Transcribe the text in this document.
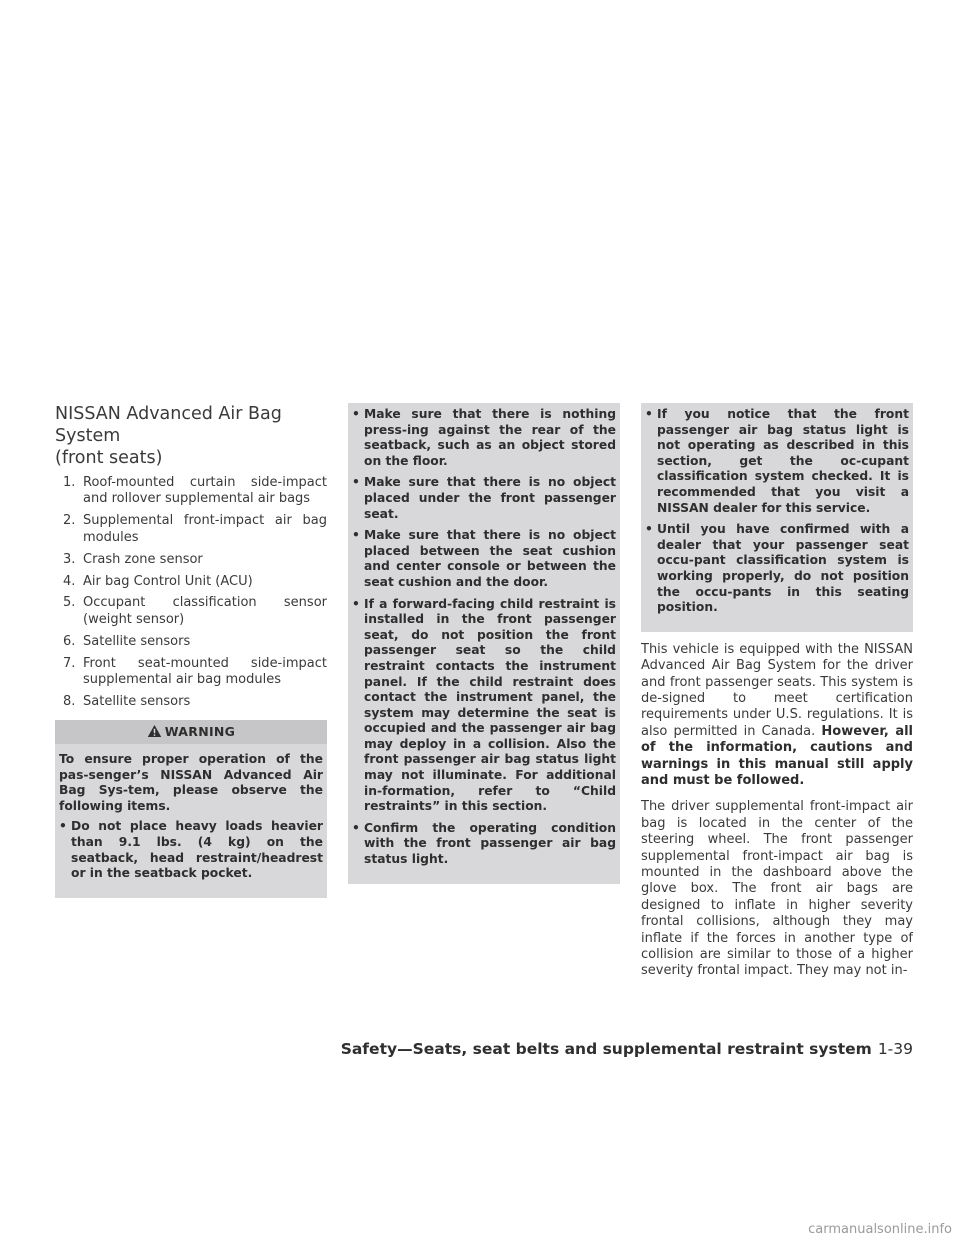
NISSAN Advanced Air Bag System
(front seats)
1. Roof-mounted curtain side-impact and rollover supplemental air bags
2. Supplemental front-impact air bag modules
3. Crash zone sensor
4. Air bag Control Unit (ACU)
5. Occupant classification sensor (weight sensor)
6. Satellite sensors
7. Front seat-mounted side-impact supplemental air bag modules
8. Satellite sensors
WARNING

To ensure proper operation of the pas-senger’s NISSAN Advanced Air Bag Sys-tem, please observe the following items.

• Do not place heavy loads heavier than 9.1 lbs. (4 kg) on the seatback, head restraint/headrest or in the seatback pocket.
• Make sure that there is nothing press-ing against the rear of the seatback, such as an object stored on the floor.
• Make sure that there is no object placed under the front passenger seat.
• Make sure that there is no object placed between the seat cushion and center console or between the seat cushion and the door.
• If a forward-facing child restraint is installed in the front passenger seat, do not position the front passenger seat so the child restraint contacts the instrument panel. If the child restraint does contact the instrument panel, the system may determine the seat is occupied and the passenger air bag may deploy in a collision. Also the front passenger air bag status light may not illuminate. For additional in-formation, refer to “Child restraints” in this section.
• Confirm the operating condition with the front passenger air bag status light.
• If you notice that the front passenger air bag status light is not operating as described in this section, get the oc-cupant classification system checked. It is recommended that you visit a NISSAN dealer for this service.
• Until you have confirmed with a dealer that your passenger seat occu-pant classification system is working properly, do not position the occu-pants in this seating position.

This vehicle is equipped with the NISSAN Advanced Air Bag System for the driver and front passenger seats. This system is de-signed to meet certification requirements under U.S. regulations. It is also permitted in Canada. However, all of the information, cautions and warnings in this manual still apply and must be followed.

The driver supplemental front-impact air bag is located in the center of the steering wheel. The front passenger supplemental front-impact air bag is mounted in the dashboard above the glove box. The front air bags are designed to inflate in higher severity frontal collisions, although they may inflate if the forces in another type of collision are similar to those of a higher severity frontal impact. They may not in-

Safety—Seats, seat belts and supplemental restraint system 1-39
carmanualsonline.info
